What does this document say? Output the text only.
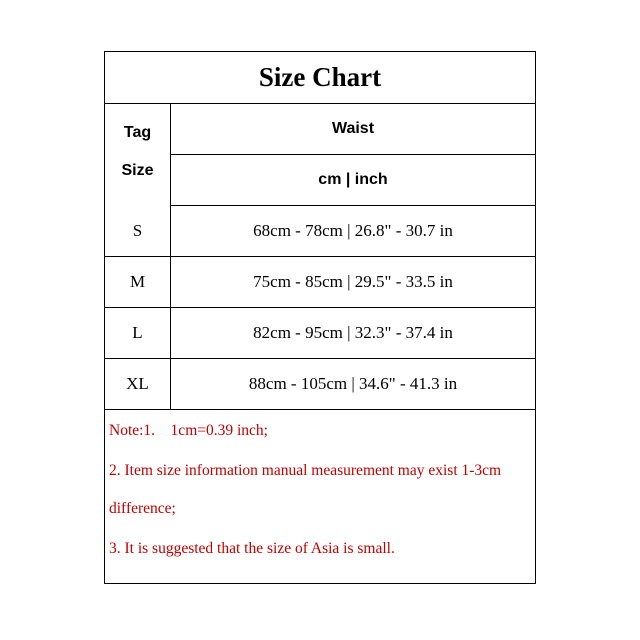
Size Chart
Tag
Size
Waist
cm | inch
S	68cm - 78cm | 26.8" - 30.7 in
M	75cm - 85cm | 29.5" - 33.5 in
L	82cm - 95cm | 32.3" - 37.4 in
XL	88cm - 105cm | 34.6" - 41.3 in
Note:1.    1cm=0.39 inch;
2. Item size information manual measurement may exist 1-3cm
difference;
3. It is suggested that the size of Asia is small.
